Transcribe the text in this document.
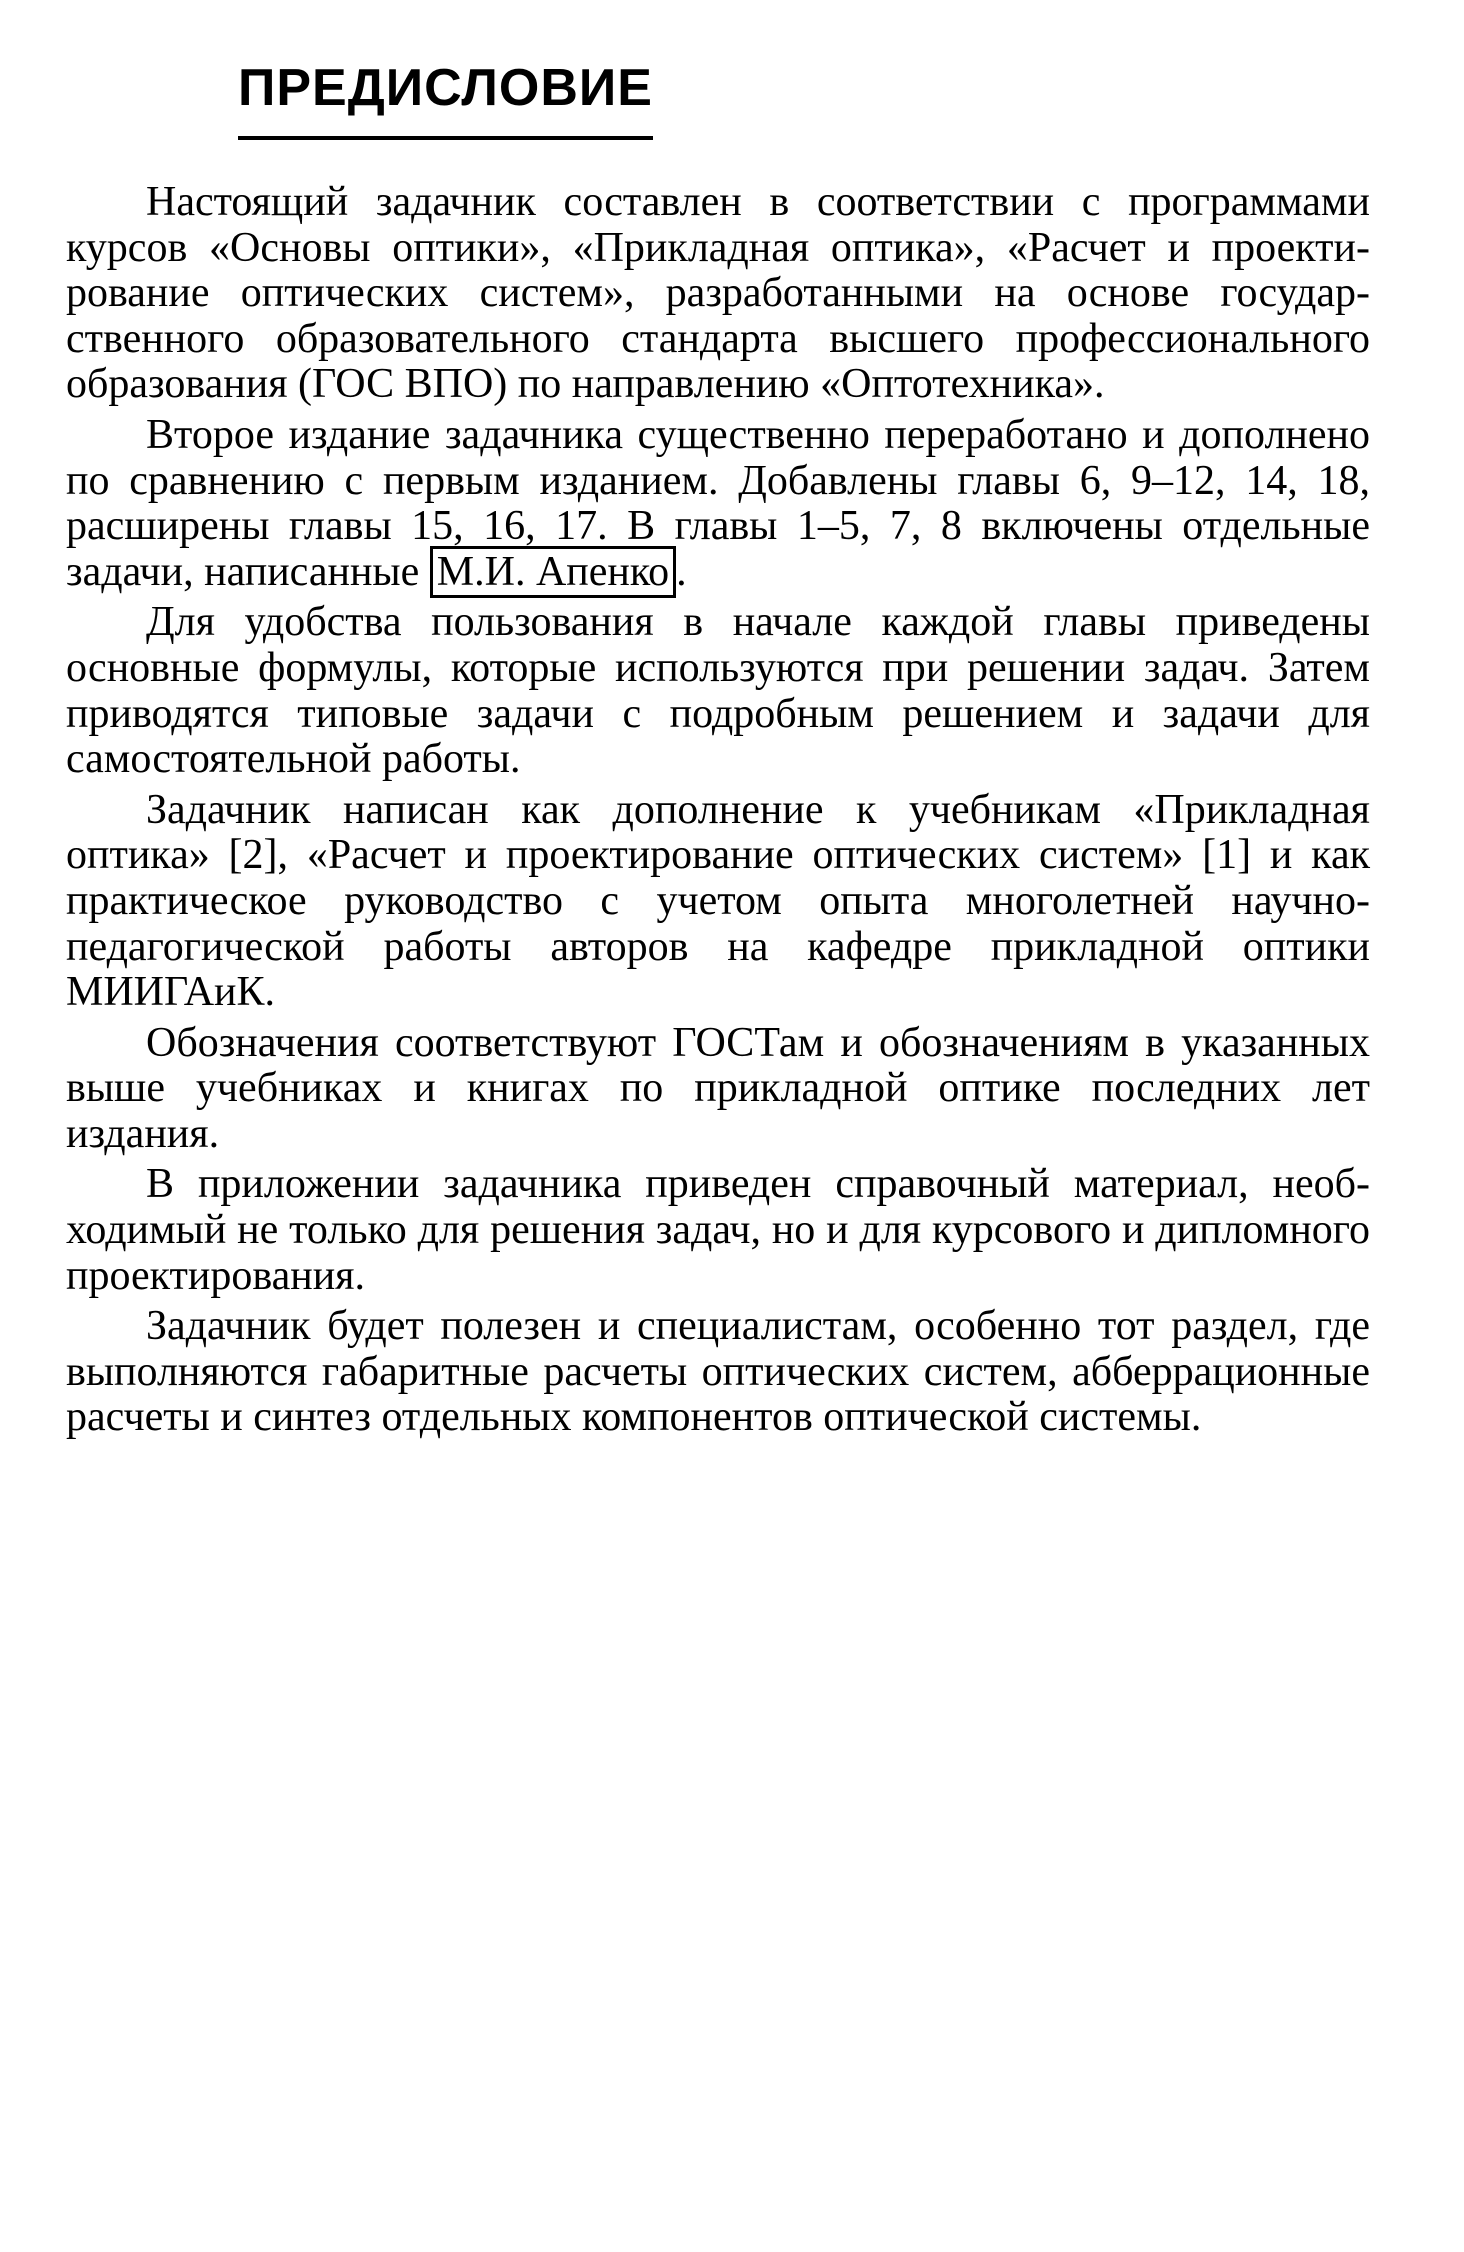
ПРЕДИСЛОВИЕ

Настоящий задачник составлен в соответствии с программами курсов «Основы оптики», «Прикладная оптика», «Расчет и проектирование оптических систем», разработанными на основе государственного образовательного стандарта высшего профессионального образования (ГОС ВПО) по направлению «Оптотехника».

Второе издание задачника существенно переработано и дополнено по сравнению с первым изданием. Добавлены главы 6, 9–12, 14, 18, расширены главы 15, 16, 17. В главы 1–5, 7, 8 включены отдельные задачи, написанные М.И. Апенко .

Для удобства пользования в начале каждой главы приведены основные формулы, которые используются при решении задач. Затем приводятся типовые задачи с подробным решением и задачи для самостоятельной работы.

Задачник написан как дополнение к учебникам «Прикладная оптика» [2], «Расчет и проектирование оптических систем» [1] и как практическое руководство с учетом опыта многолетней научно-педагогической работы авторов на кафедре прикладной оптики МИИГАиК.

Обозначения соответствуют ГОСТам и обозначениям в указанных выше учебниках и книгах по прикладной оптике последних лет издания.

В приложении задачника приведен справочный материал, необходимый не только для решения задач, но и для курсового и дипломного проектирования.

Задачник будет полезен и специалистам, особенно тот раздел, где выполняются габаритные расчеты оптических систем, абберрационные расчеты и синтез отдельных компонентов оптической системы.
